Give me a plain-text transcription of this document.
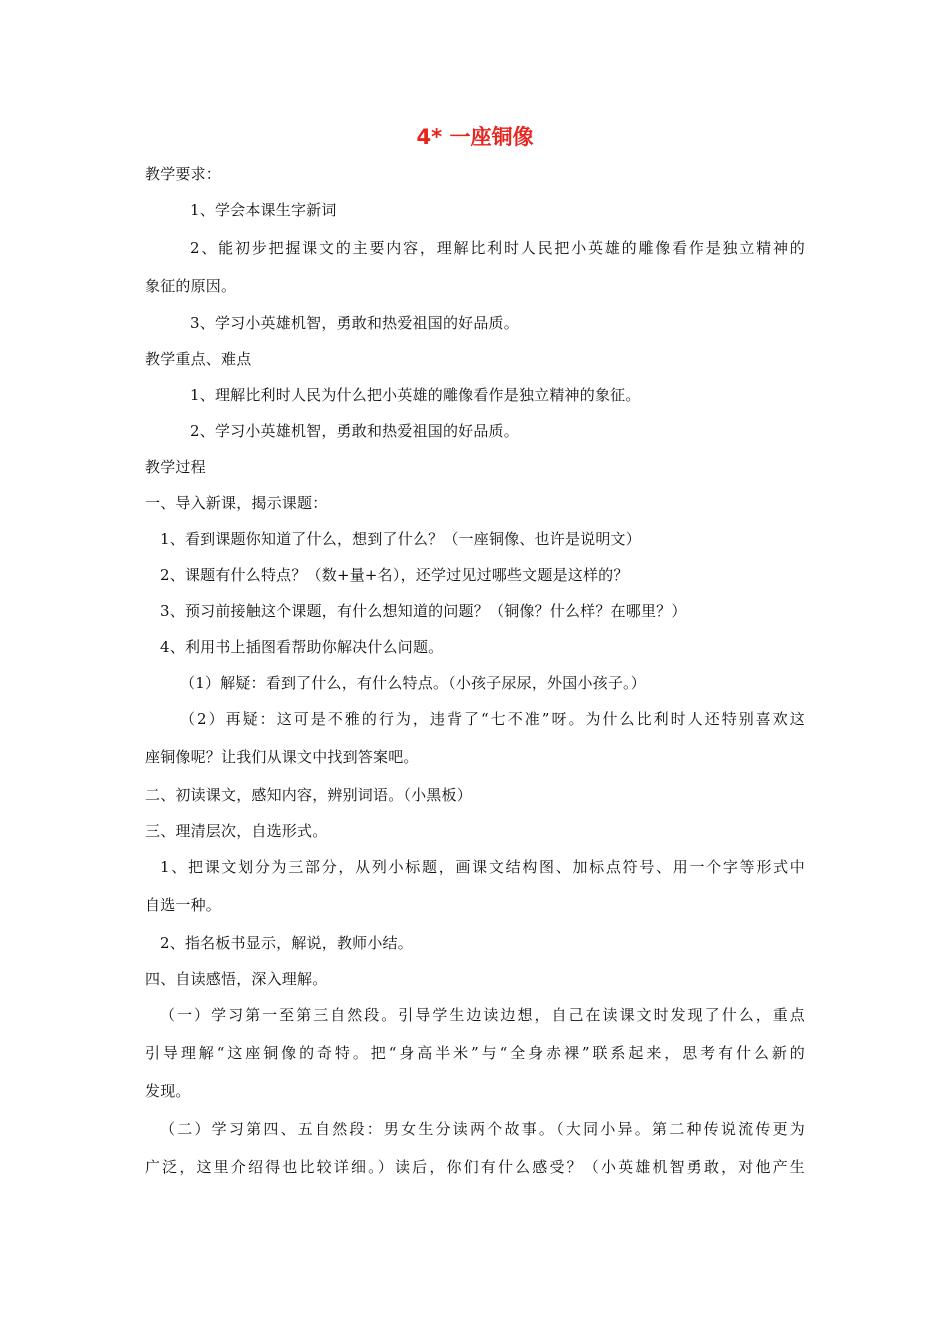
4* 一座铜像
教学要求：
1、学会本课生字新词
2、能初步把握课文的主要内容，理解比利时人民把小英雄的雕像看作是独立精神的
象征的原因。
3、学习小英雄机智，勇敢和热爱祖国的好品质。
教学重点、难点
1、理解比利时人民为什么把小英雄的雕像看作是独立精神的象征。
2、学习小英雄机智，勇敢和热爱祖国的好品质。
教学过程
一、导入新课，揭示课题：
1、看到课题你知道了什么，想到了什么？（一座铜像、也许是说明文）
2、课题有什么特点？（数+量+名），还学过见过哪些文题是这样的？
3、预习前接触这个课题，有什么想知道的问题？（铜像？什么样？在哪里？）
4、利用书上插图看帮助你解决什么问题。
（1）解疑：看到了什么，有什么特点。（小孩子尿尿，外国小孩子。）
（2）再疑：这可是不雅的行为，违背了“七不准”呀。为什么比利时人还特别喜欢这
座铜像呢？让我们从课文中找到答案吧。
二、初读课文，感知内容，辨别词语。（小黑板）
三、理清层次，自选形式。
1、把课文划分为三部分，从列小标题，画课文结构图、加标点符号、用一个字等形式中
自选一种。
2、指名板书显示，解说，教师小结。
四、自读感悟，深入理解。
（一）学习第一至第三自然段。引导学生边读边想，自己在读课文时发现了什么，重点
引导理解“这座铜像的奇特。把“身高半米”与“全身赤裸”联系起来，思考有什么新的
发现。
（二）学习第四、五自然段：男女生分读两个故事。（大同小异。第二种传说流传更为
广泛，这里介绍得也比较详细。）读后，你们有什么感受？（小英雄机智勇敢，对他产生
